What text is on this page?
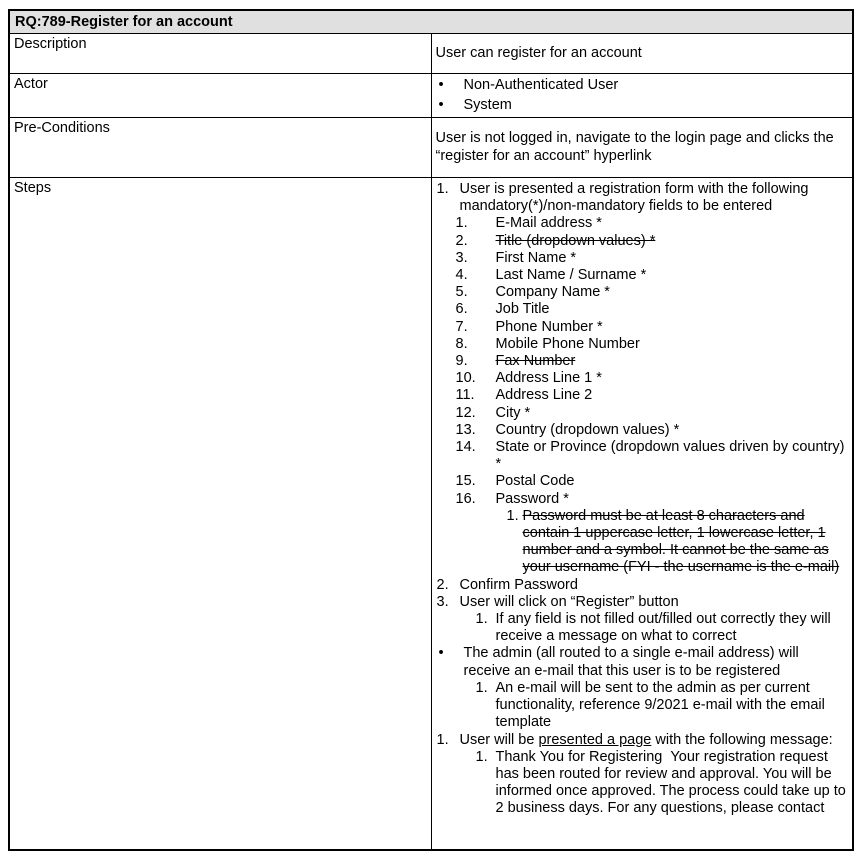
RQ:789-Register for an account	

Description	User can register for an account

Actor	• Non-Authenticated User
• System

Pre-Conditions	User is not logged in, navigate to the login page and clicks the “register for an account” hyperlink

Steps	1. User is presented a registration form with the following mandatory(*)/non-mandatory fields to be entered
1. E-Mail address *
2. Title (dropdown values) *
3. First Name *
4. Last Name / Surname *
5. Company Name *
6. Job Title
7. Phone Number *
8. Mobile Phone Number
9. Fax Number
10. Address Line 1 *
11. Address Line 2
12. City *
13. Country (dropdown values) *
14. State or Province (dropdown values driven by country) *
15. Postal Code
16. Password *
1. Password must be at least 8 characters and contain 1 uppercase letter, 1 lowercase letter, 1 number and a symbol. It cannot be the same as your username (FYI - the username is the e-mail)
2. Confirm Password
3. User will click on “Register” button
1. If any field is not filled out/filled out correctly they will receive a message on what to correct
• The admin (all routed to a single e-mail address) will receive an e-mail that this user is to be registered
1. An e-mail will be sent to the admin as per current functionality, reference 9/2021 e-mail with the email template
1. User will be presented a page with the following message:
1. Thank You for Registering  Your registration request has been routed for review and approval. You will be informed once approved. The process could take up to 2 business days. For any questions, please contact
